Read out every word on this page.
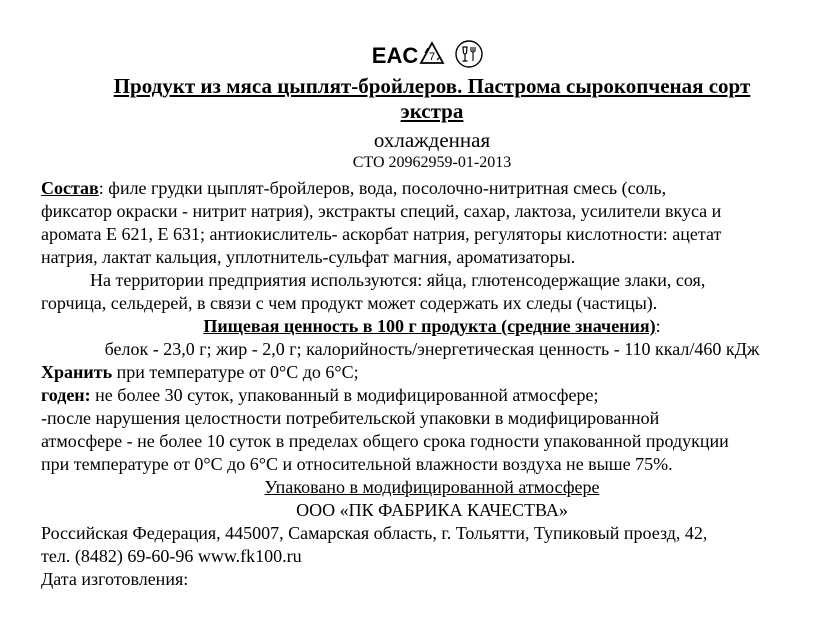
EAC 7
Продукт из мяса цыплят-бройлеров. Пастрома сырокопченая сорт
экстра
охлажденная
СТО 20962959-01-2013
Состав: филе грудки цыплят-бройлеров, вода, посолочно-нитритная смесь (соль,
фиксатор окраски - нитрит натрия), экстракты специй, сахар, лактоза, усилители вкуса и
аромата Е 621, Е 631; антиокислитель- аскорбат натрия, регуляторы кислотности: ацетат
натрия, лактат кальция, уплотнитель-сульфат магния, ароматизаторы.
На территории предприятия используются: яйца, глютенсодержащие злаки, соя,
горчица, сельдерей, в связи с чем продукт может содержать их следы (частицы).
Пищевая ценность в 100 г продукта (средние значения):
белок - 23,0 г; жир - 2,0 г; калорийность/энергетическая ценность - 110 ккал/460 кДж
Хранить при температуре от 0°С до 6°С;
годен: не более 30 суток, упакованный в модифицированной атмосфере;
-после нарушения целостности потребительской упаковки в модифицированной
атмосфере - не более 10 суток в пределах общего срока годности упакованной продукции
при температуре от 0°С до 6°С и относительной влажности воздуха не выше 75%.
Упаковано в модифицированной атмосфере
ООО «ПК ФАБРИКА КАЧЕСТВА»
Российская Федерация, 445007, Самарская область, г. Тольятти, Тупиковый проезд, 42,
тел. (8482) 69-60-96 www.fk100.ru
Дата изготовления:
